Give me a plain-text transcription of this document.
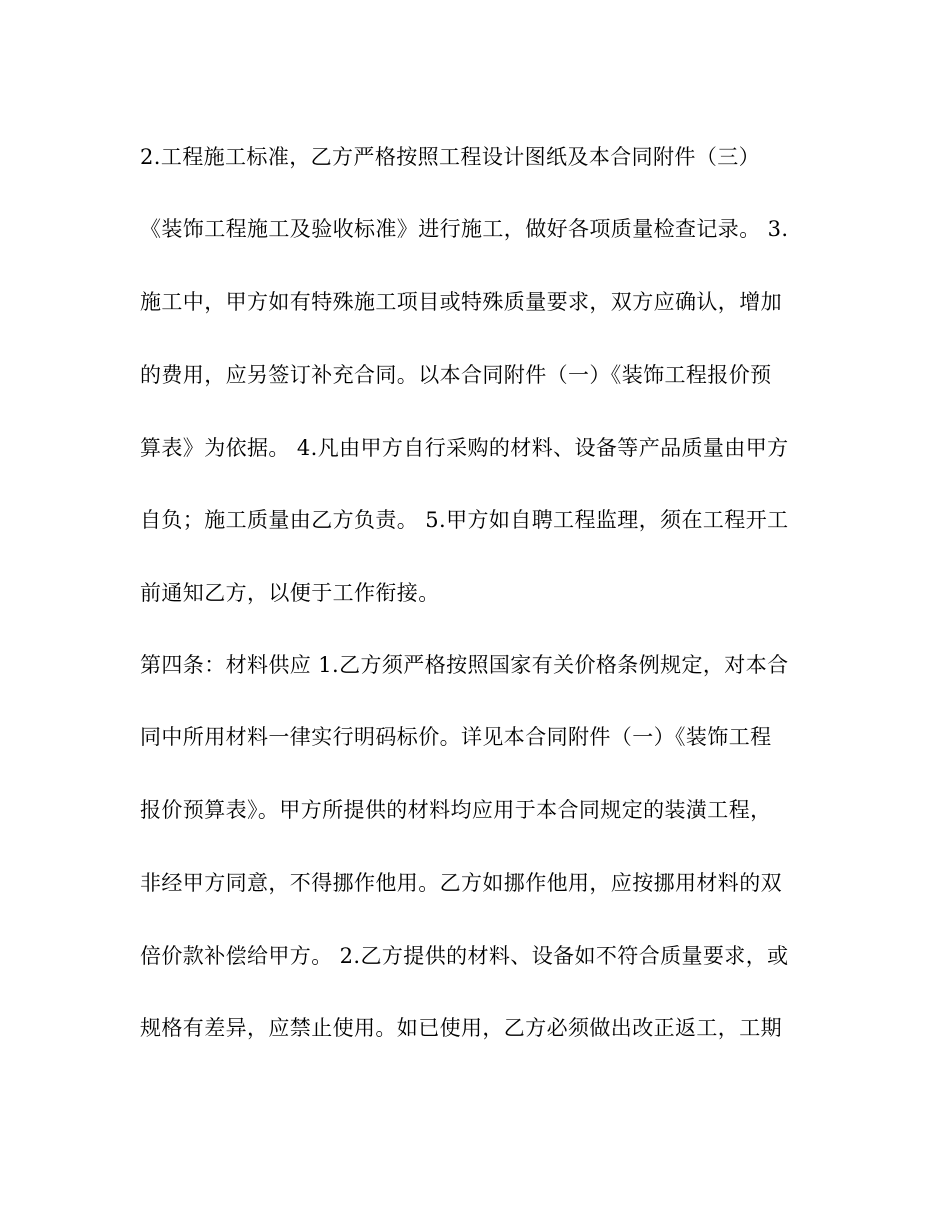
2.工程施工标准，乙方严格按照工程设计图纸及本合同附件（三）
《装饰工程施工及验收标准》进行施工，做好各项质量检查记录。 3.
施工中，甲方如有特殊施工项目或特殊质量要求，双方应确认，增加
的费用，应另签订补充合同。以本合同附件（一）《装饰工程报价预
算表》为依据。 4.凡由甲方自行采购的材料、设备等产品质量由甲方
自负；施工质量由乙方负责。 5.甲方如自聘工程监理，须在工程开工
前通知乙方，以便于工作衔接。
第四条：材料供应 1.乙方须严格按照国家有关价格条例规定，对本合
同中所用材料一律实行明码标价。详见本合同附件（一）《装饰工程
报价预算表》。甲方所提供的材料均应用于本合同规定的装潢工程，
非经甲方同意，不得挪作他用。乙方如挪作他用，应按挪用材料的双
倍价款补偿给甲方。 2.乙方提供的材料、设备如不符合质量要求，或
规格有差异，应禁止使用。如已使用，乙方必须做出改正返工，工期
